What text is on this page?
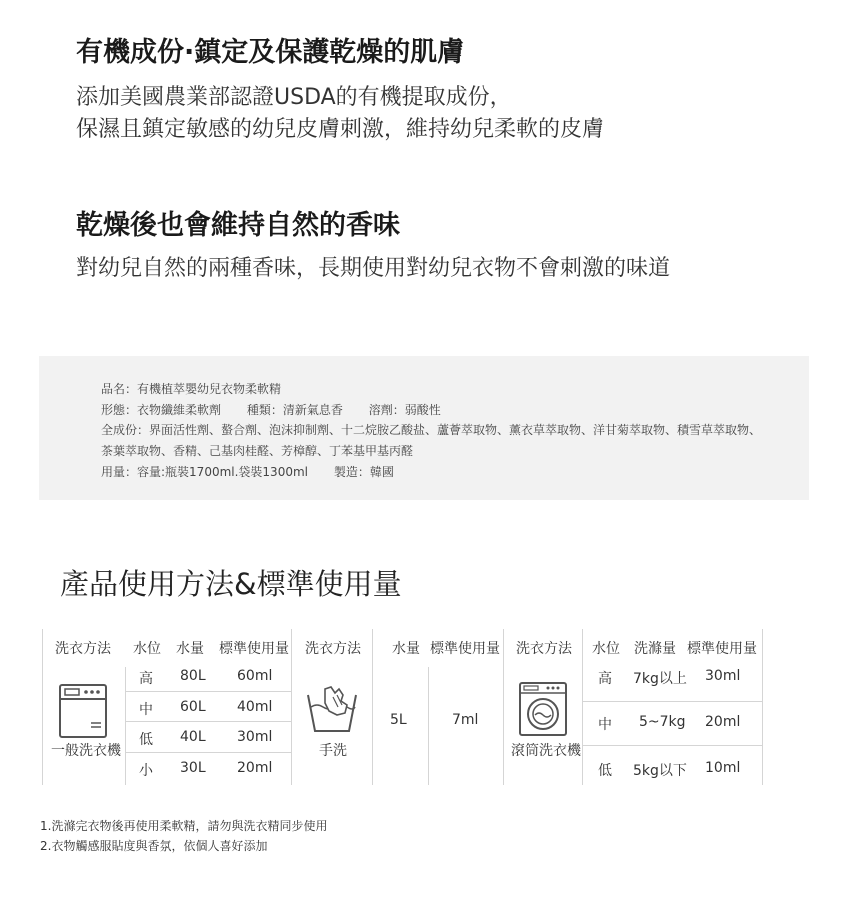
有機成份·鎮定及保護乾燥的肌膚

添加美國農業部認證USDA的有機提取成份，

保濕且鎮定敏感的幼兒皮膚刺激，維持幼兒柔軟的皮膚

乾燥後也會維持自然的香味

對幼兒自然的兩種香味，長期使用對幼兒衣物不會刺激的味道

品名：有機植萃嬰幼兒衣物柔軟精
形態：衣物纖維柔軟劑 種類：清新氣息香 溶劑：弱酸性
全成份：界面活性劑、螯合劑、泡沫抑制劑、十二烷胺乙酸盐、蘆薈萃取物、薰衣草萃取物、洋甘菊萃取物、積雪草萃取物、
茶葉萃取物、香精、己基肉桂醛、芳樟醇、丁苯基甲基丙醛
用量：容量:瓶裝1700ml.袋裝1300ml 製造：韓國
產品使用方法&標準使用量
洗衣方法 水位 水量 標準使用量
一般洗衣機
高 80L 60ml
中 60L 40ml
低 40L 30ml
小 30L 20ml
洗衣方法
手洗
水量 標準使用量
5L	7ml
洗衣方法
滾筒洗衣機
水位 洗滌量 標準使用量
高 7kg以上 30ml
中 5~7kg 20ml
低 5kg以下 10ml
1.洗滌完衣物後再使用柔軟精，請勿與洗衣精同步使用
2.衣物觸感服貼度與香氛，依個人喜好添加
